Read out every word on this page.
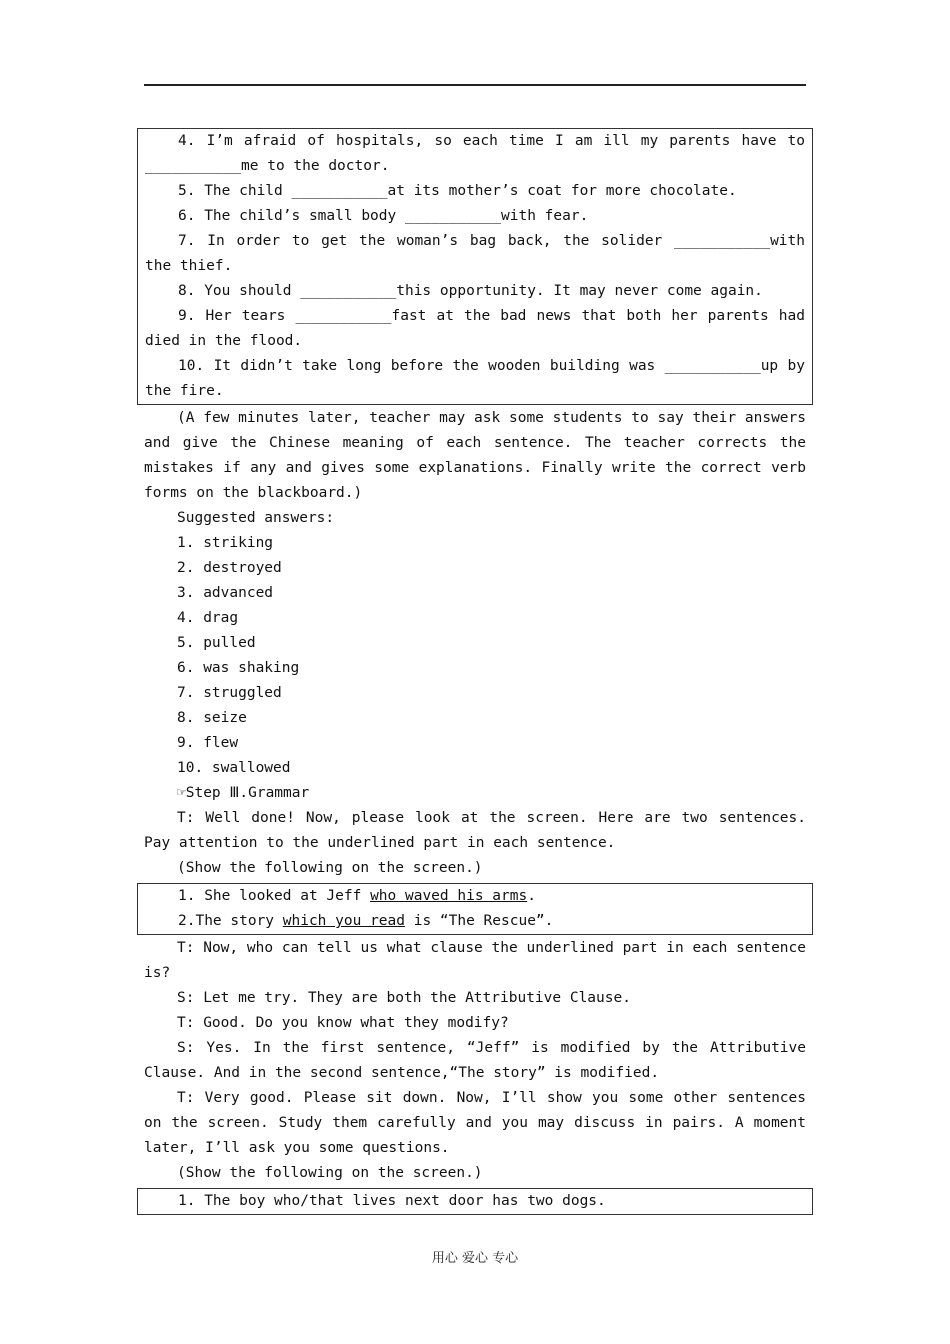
4. I’m afraid of hospitals, so each time I am ill my parents have to ___________me to the doctor.

5. The child ___________at its mother’s coat for more chocolate.

6. The child’s small body ___________with fear.

7. In order to get the woman’s bag back, the solider ___________with the thief.

8. You should ___________this opportunity. It may never come again.

9. Her tears ___________fast at the bad news that both her parents had died in the flood.

10. It didn’t take long before the wooden building was ___________up by the fire.

(A few minutes later, teacher may ask some students to say their answers and give the Chinese meaning of each sentence. The teacher corrects the mistakes if any and gives some explanations. Finally write the correct verb forms on the blackboard.)

Suggested answers:

1. striking

2. destroyed

3. advanced

4. drag

5. pulled

6. was shaking

7. struggled

8. seize

9. flew

10. swallowed

☞Step Ⅲ.Grammar

T: Well done! Now, please look at the screen. Here are two sentences. Pay attention to the underlined part in each sentence.

(Show the following on the screen.)

1. She looked at Jeff who waved his arms.

2.The story which you read is “The Rescue”.

T: Now, who can tell us what clause the underlined part in each sentence is?

S: Let me try. They are both the Attributive Clause.

T: Good. Do you know what they modify?

S: Yes. In the first sentence, “Jeff” is modified by the Attributive Clause. And in the second sentence,“The story” is modified.

T: Very good. Please sit down. Now, I’ll show you some other sentences on the screen. Study them carefully and you may discuss in pairs. A moment later, I’ll ask you some questions.

(Show the following on the screen.)

1. The boy who/that lives next door has two dogs.

用心 爱心 专心
